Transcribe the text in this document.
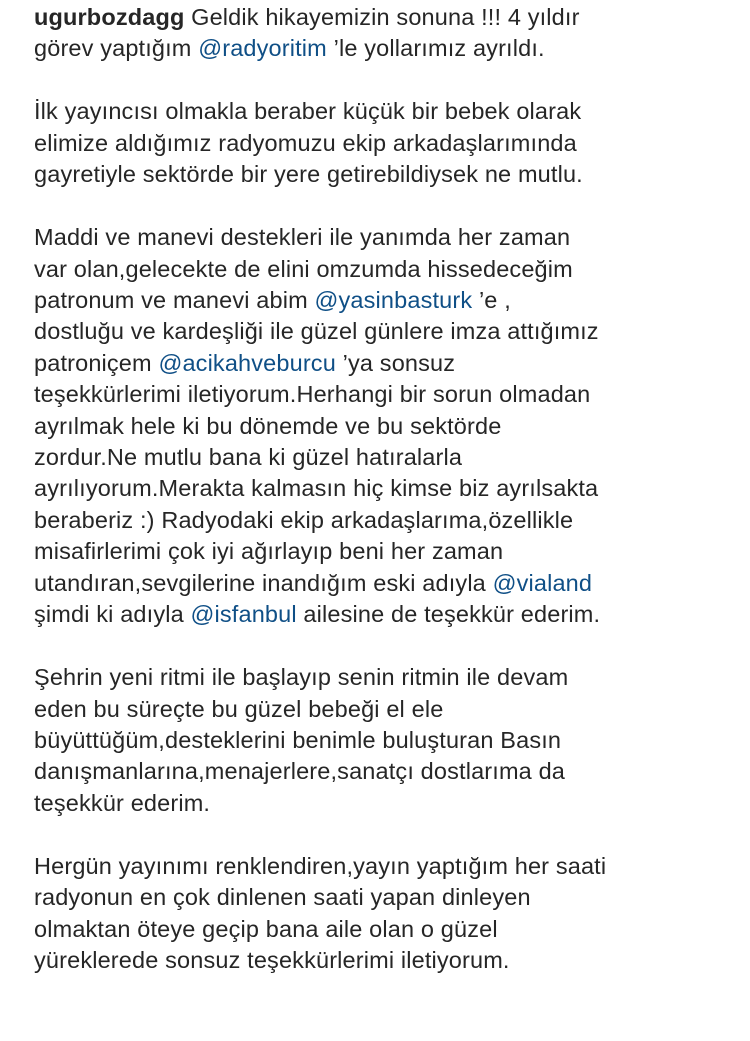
ugurbozdagg Geldik hikayemizin sonuna !!! 4 yıldır
görev yaptığım @radyoritim ’le yollarımız ayrıldı.
İlk yayıncısı olmakla beraber küçük bir bebek olarak
elimize aldığımız radyomuzu ekip arkadaşlarımında
gayretiyle sektörde bir yere getirebildiysek ne mutlu.
Maddi ve manevi destekleri ile yanımda her zaman
var olan,gelecekte de elini omzumda hissedeceğim
patronum ve manevi abim @yasinbasturk ’e ,
dostluğu ve kardeşliği ile güzel günlere imza attığımız
patroniçem @acikahveburcu ’ya sonsuz
teşekkürlerimi iletiyorum.Herhangi bir sorun olmadan
ayrılmak hele ki bu dönemde ve bu sektörde
zordur.Ne mutlu bana ki güzel hatıralarla
ayrılıyorum.Merakta kalmasın hiç kimse biz ayrılsakta
beraberiz :) Radyodaki ekip arkadaşlarıma,özellikle
misafirlerimi çok iyi ağırlayıp beni her zaman
utandıran,sevgilerine inandığım eski adıyla @vialand
şimdi ki adıyla @isfanbul ailesine de teşekkür ederim.
Şehrin yeni ritmi ile başlayıp senin ritmin ile devam
eden bu süreçte bu güzel bebeği el ele
büyüttüğüm,desteklerini benimle buluşturan Basın
danışmanlarına,menajerlere,sanatçı dostlarıma da
teşekkür ederim.
Hergün yayınımı renklendiren,yayın yaptığım her saati
radyonun en çok dinlenen saati yapan dinleyen
olmaktan öteye geçip bana aile olan o güzel
yüreklerede sonsuz teşekkürlerimi iletiyorum.
